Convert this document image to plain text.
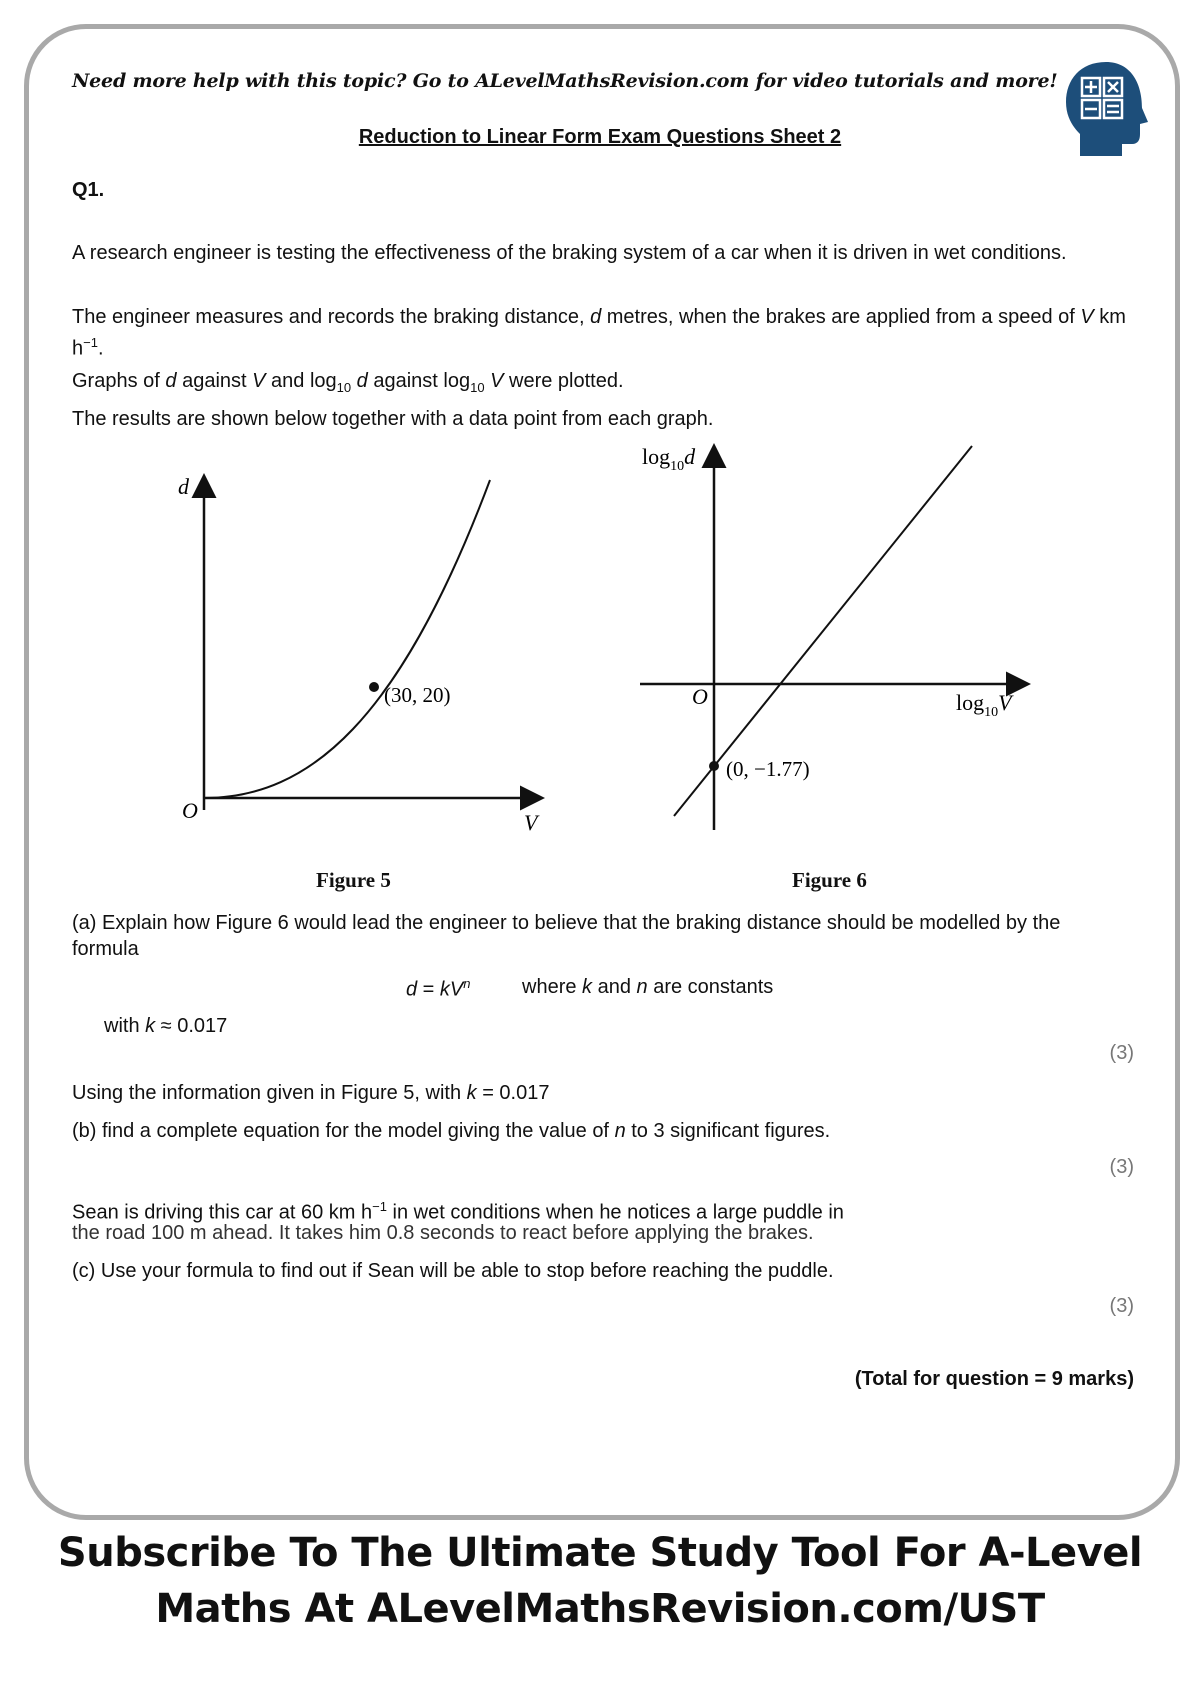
Need more help with this topic? Go to ALevelMathsRevision.com for video tutorials and more!
Reduction to Linear Form Exam Questions Sheet 2
Q1.
A research engineer is testing the effectiveness of the braking system of a car when it is driven in wet conditions.
The engineer measures and records the braking distance, d metres, when the brakes are applied from a speed of V km $h^{-1}$.
Graphs of d against V and $\log_{10} d$ against $\log_{10} V$ were plotted.
The results are shown below together with a data point from each graph.
d
V
O
(30, 20)
Figure 5
$\log_{10}d$
$\log_{10}V$
O
(0, −1.77)
Figure 6
(a) Explain how Figure 6 would lead the engineer to believe that the braking distance should be modelled by the formula
$d = kV^n$	where k and n are constants
with k ≈ 0.017
(3)
Using the information given in Figure 5, with k = 0.017
(b) find a complete equation for the model giving the value of n to 3 significant figures.
(3)
Sean is driving this car at 60 km $h^{-1}$ in wet conditions when he notices a large puddle in
the road 100 m ahead. It takes him 0.8 seconds to react before applying the brakes.
(c) Use your formula to find out if Sean will be able to stop before reaching the puddle.
(3)
(Total for question = 9 marks)
Subscribe To The Ultimate Study Tool For A-Level
Maths At ALevelMathsRevision.com/UST
